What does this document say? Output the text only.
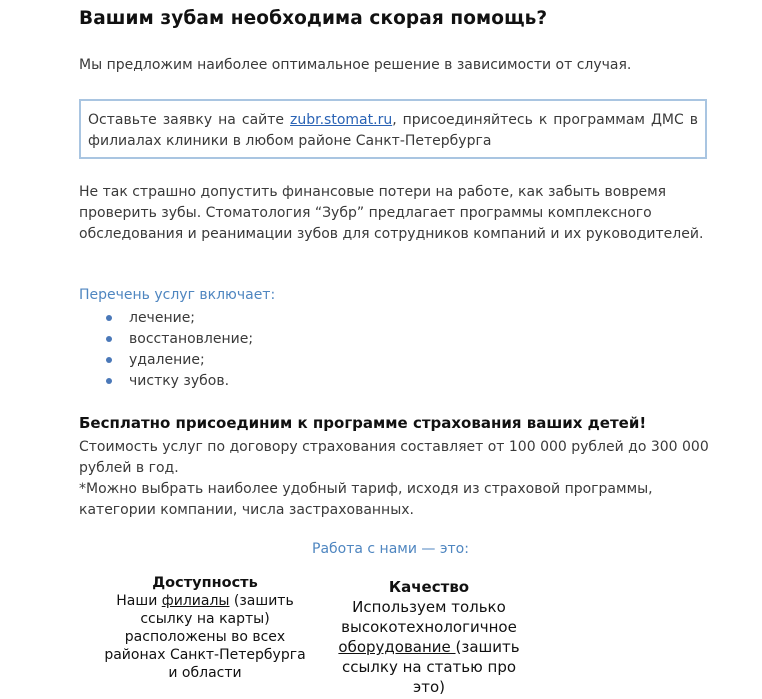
Вашим зубам необходима скорая помощь?
Мы предложим наиболее оптимальное решение в зависимости от случая.
Оставьте заявку на сайте zubr.stomat.ru, присоединяйтесь к программам ДМС в филиалах клиники в любом районе Санкт-Петербурга
Не так страшно допустить финансовые потери на работе, как забыть вовремя проверить зубы. Стоматология “Зубр” предлагает программы комплексного обследования и реанимации зубов для сотрудников компаний и их руководителей.
Перечень услуг включает:
лечение;
восстановление;
удаление;
чистку зубов.
Бесплатно присоединим к программе страхования ваших детей!
Стоимость услуг по договору страхования составляет от 100 000 рублей до 300 000 рублей в год.
*Можно выбрать наиболее удобный тариф, исходя из страховой программы, категории компании, числа застрахованных.
Работа с нами — это:
Доступность
Наши филиалы (зашить ссылку на карты) расположены во всех районах Санкт-Петербурга и области
Качество
Используем только высокотехнологичное оборудование (зашить ссылку на статью про это)
